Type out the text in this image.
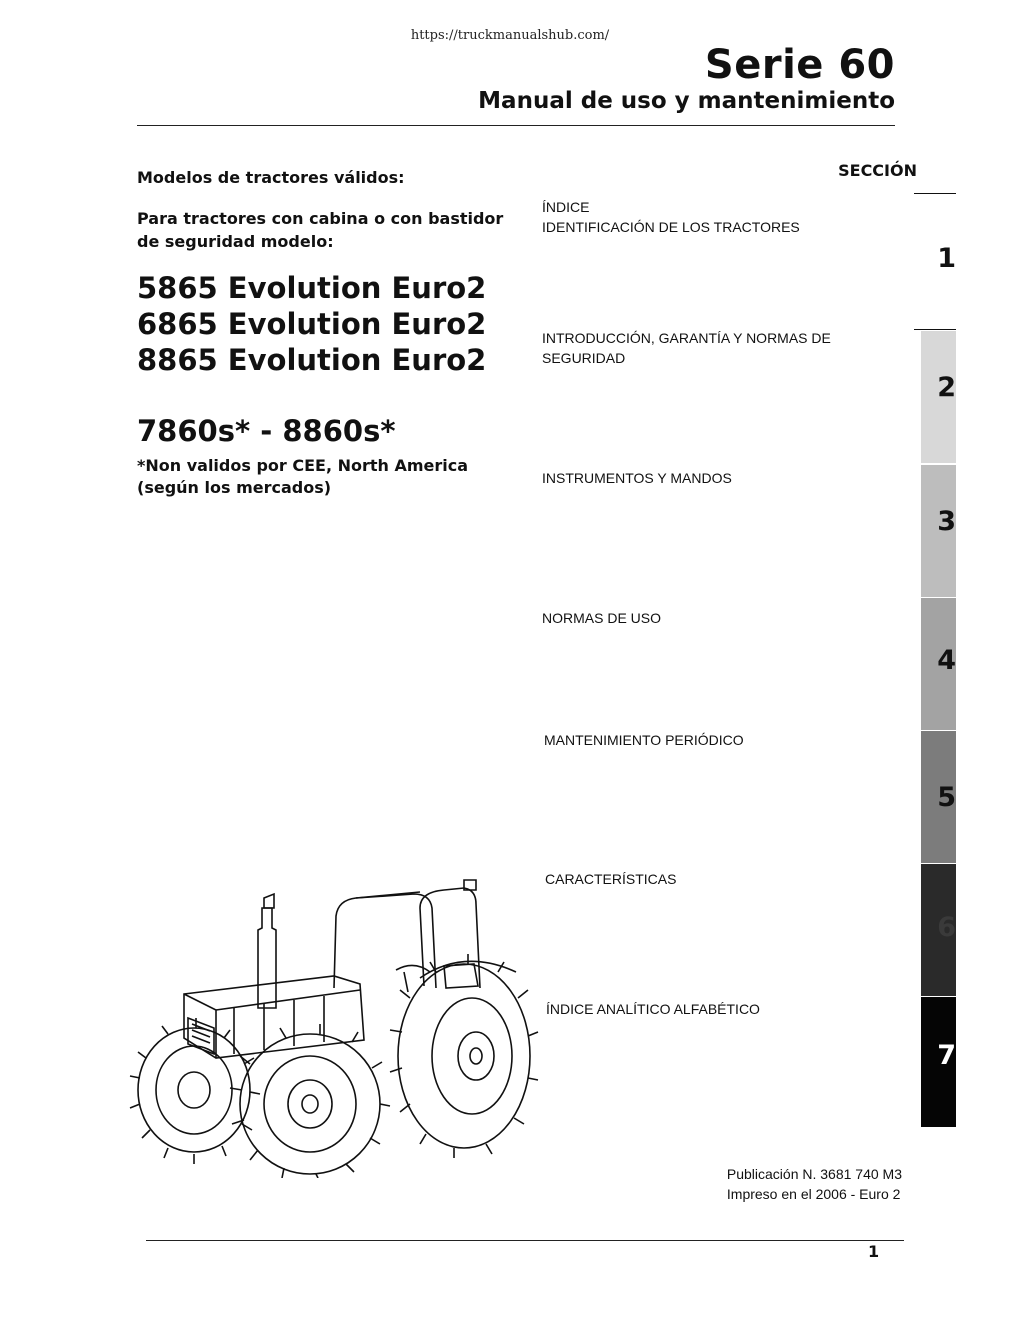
https://truckmanualshub.com/
Serie 60
Manual de uso y mantenimiento
Modelos de tractores válidos:
Para tractores con cabina o con bastidor de seguridad modelo:
5865 Evolution Euro2
6865 Evolution Euro2
8865 Evolution Euro2
7860s* - 8860s*
*Non validos por CEE, North America (según los mercados)
SECCIÓN
ÍNDICE
IDENTIFICACIÓN DE LOS TRACTORES
INTRODUCCIÓN, GARANTÍA Y NORMAS DE
SEGURIDAD
INSTRUMENTOS Y MANDOS
NORMAS DE USO
MANTENIMIENTO PERIÓDICO
CARACTERÍSTICAS
ÍNDICE ANALÍTICO ALFABÉTICO
1
2
3
4
5
6
7
Publicación N. 3681 740 M3
Impreso en el 2006 - Euro 2
1
